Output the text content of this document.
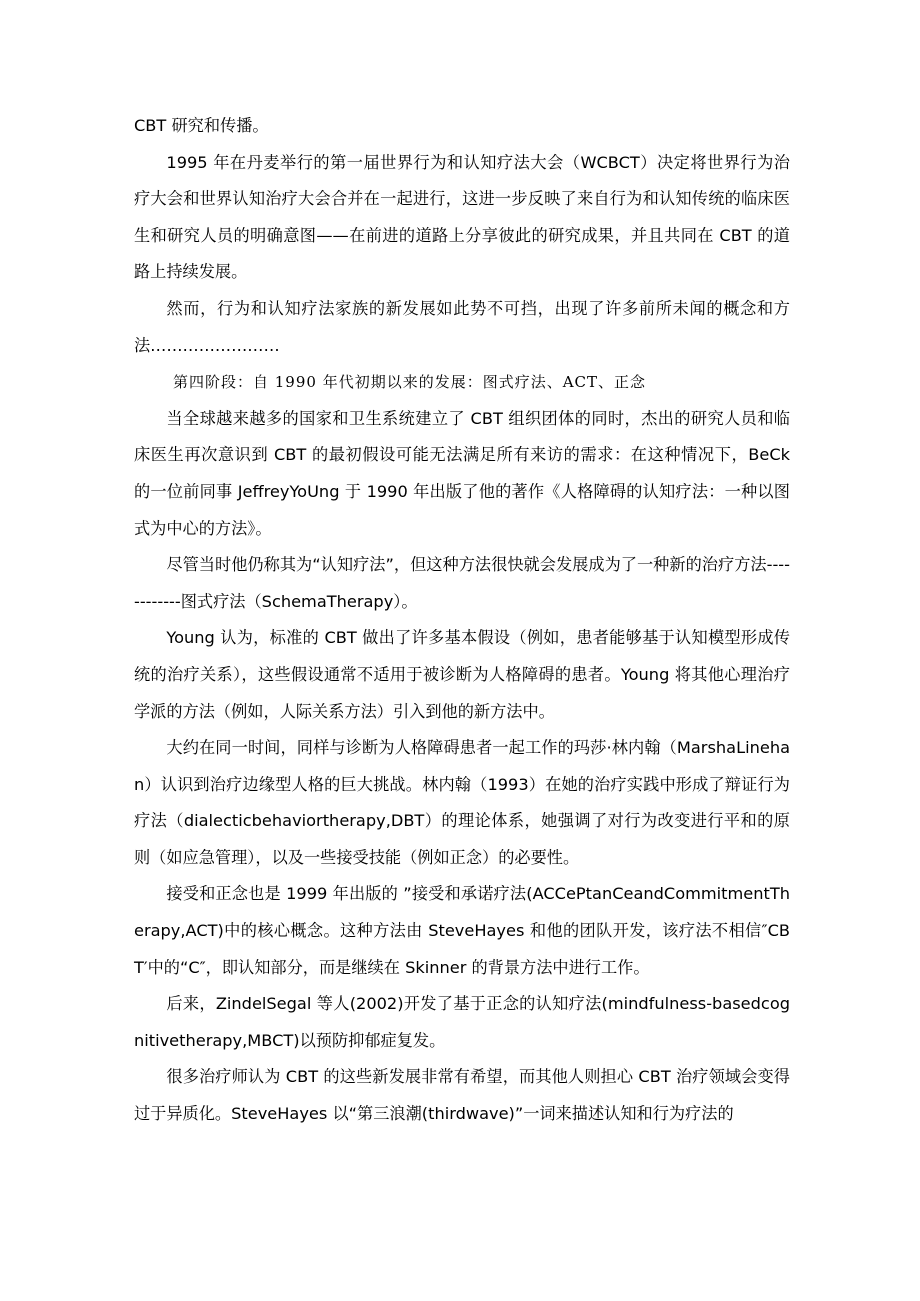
CBT 研究和传播。

1995 年在丹麦举行的第一届世界行为和认知疗法大会（WCBCT）决定将世界行为治疗大会和世界认知治疗大会合并在一起进行，这进一步反映了来自行为和认知传统的临床医生和研究人员的明确意图——在前进的道路上分享彼此的研究成果，并且共同在 CBT 的道路上持续发展。

然而，行为和认知疗法家族的新发展如此势不可挡，出现了许多前所未闻的概念和方法……………………

第四阶段：自 1990 年代初期以来的发展：图式疗法、ACT、正念

当全球越来越多的国家和卫生系统建立了 CBT 组织团体的同时，杰出的研究人员和临床医生再次意识到 CBT 的最初假设可能无法满足所有来访的需求：在这种情况下，BeCk 的一位前同事 JeffreyYoUng 于 1990 年出版了他的著作《人格障碍的认知疗法：一种以图式为中心的方法》。

尽管当时他仍称其为“认知疗法”，但这种方法很快就会发展成为了一种新的治疗方法------------图式疗法（SchemaTherapy）。

Young 认为，标准的 CBT 做出了许多基本假设（例如，患者能够基于认知模型形成传统的治疗关系），这些假设通常不适用于被诊断为人格障碍的患者。Young 将其他心理治疗学派的方法（例如，人际关系方法）引入到他的新方法中。

大约在同一时间，同样与诊断为人格障碍患者一起工作的玛莎·林内翰（MarshaLinehan）认识到治疗边缘型人格的巨大挑战。林内翰（1993）在她的治疗实践中形成了辩证行为疗法（dialecticbehaviortherapy,DBT）的理论体系，她强调了对行为改变进行平和的原则（如应急管理），以及一些接受技能（例如正念）的必要性。

接受和正念也是 1999 年出版的 ”接受和承诺疗法(ACCePtanCeandCommitmentTherapy,ACT)中的核心概念。这种方法由 SteveHayes 和他的团队开发，该疗法不相信″CBT′中的“C″，即认知部分，而是继续在 Skinner 的背景方法中进行工作。

后来，ZindelSegal 等人(2002)开发了基于正念的认知疗法(mindfulness-basedcognitivetherapy,MBCT)以预防抑郁症复发。

很多治疗师认为 CBT 的这些新发展非常有希望，而其他人则担心 CBT 治疗领域会变得过于异质化。SteveHayes 以“第三浪潮(thirdwave)”一词来描述认知和行为疗法的
